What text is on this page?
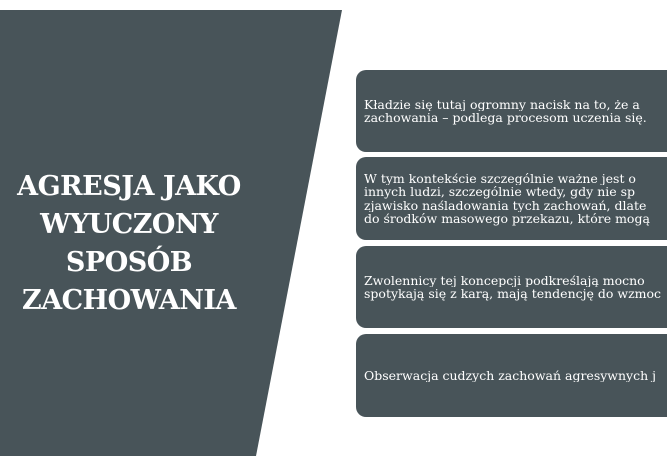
AGRESJA JAKO
WYUCZONY
SPOSÓB
ZACHOWANIA
Kładzie się tutaj ogromny nacisk na to, że a
zachowania – podlega procesom uczenia się.
W tym kontekście szczególnie ważne jest o
innych ludzi, szczególnie wtedy, gdy nie sp
zjawisko naśladowania tych zachowań, dlate
do środków masowego przekazu, które mogą
Zwolennicy tej koncepcji podkreślają mocno
spotykają się z karą, mają tendencję do wzmoc
Obserwacja cudzych zachowań agresywnych j
